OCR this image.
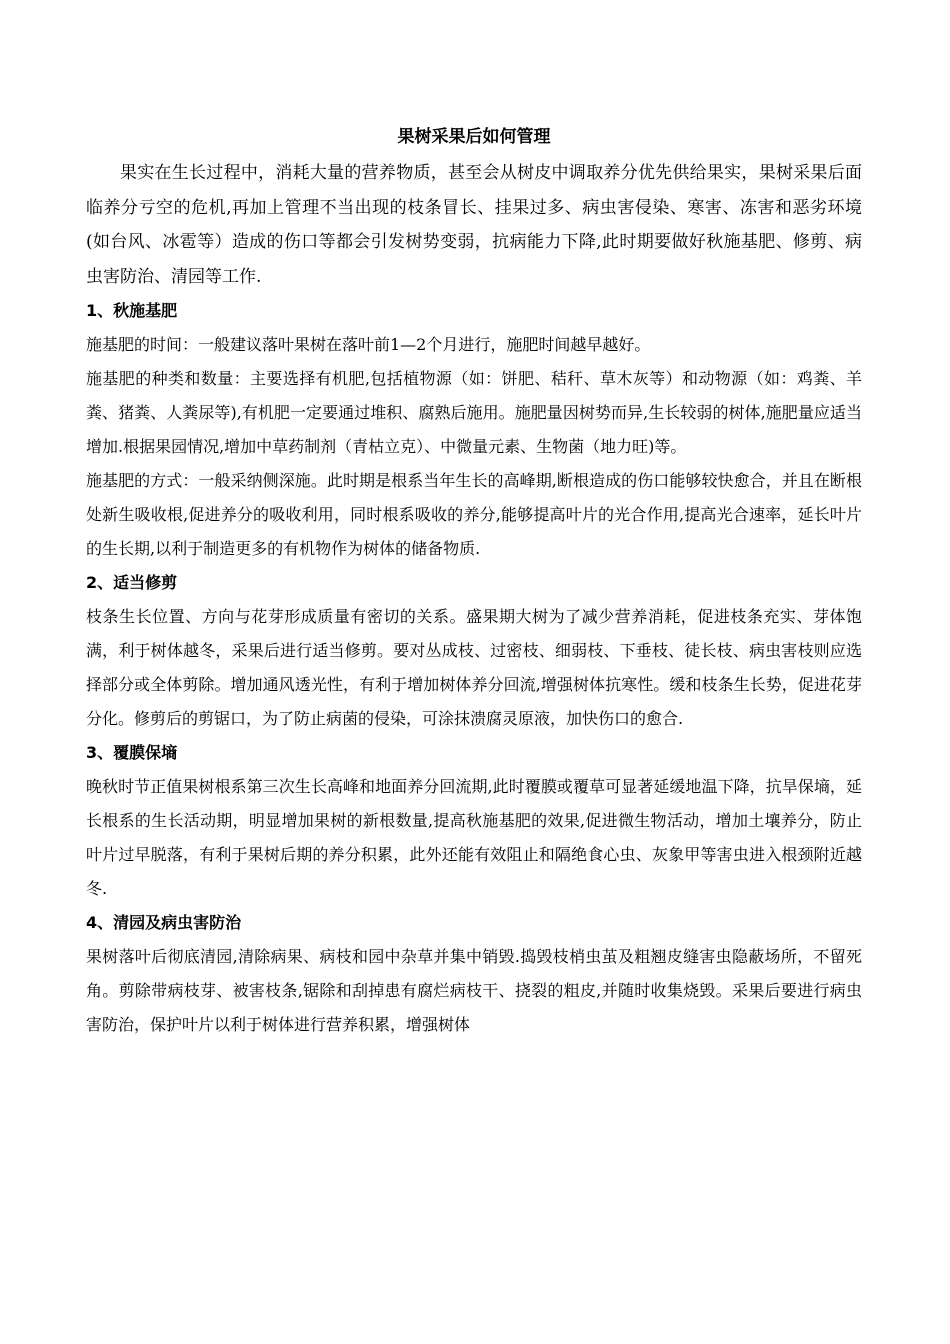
果树采果后如何管理

果实在生长过程中，消耗大量的营养物质，甚至会从树皮中调取养分优先供给果实，果树采果后面临养分亏空的危机,再加上管理不当出现的枝条冒长、挂果过多、病虫害侵染、寒害、冻害和恶劣环境(如台风、冰雹等）造成的伤口等都会引发树势变弱，抗病能力下降,此时期要做好秋施基肥、修剪、病虫害防治、清园等工作.

1、秋施基肥

施基肥的时间：一般建议落叶果树在落叶前1—2个月进行，施肥时间越早越好。

施基肥的种类和数量：主要选择有机肥,包括植物源（如：饼肥、秸秆、草木灰等）和动物源（如：鸡粪、羊粪、猪粪、人粪尿等),有机肥一定要通过堆积、腐熟后施用。施肥量因树势而异,生长较弱的树体,施肥量应适当增加.根据果园情况,增加中草药制剂（青枯立克）、中微量元素、生物菌（地力旺)等。

施基肥的方式：一般采纳侧深施。此时期是根系当年生长的高峰期,断根造成的伤口能够较快愈合，并且在断根处新生吸收根,促进养分的吸收利用，同时根系吸收的养分,能够提高叶片的光合作用,提高光合速率，延长叶片的生长期,以利于制造更多的有机物作为树体的储备物质.

2、适当修剪

枝条生长位置、方向与花芽形成质量有密切的关系。盛果期大树为了减少营养消耗，促进枝条充实、芽体饱满，利于树体越冬，采果后进行适当修剪。要对丛成枝、过密枝、细弱枝、下垂枝、徒长枝、病虫害枝则应选择部分或全体剪除。增加通风透光性，有利于增加树体养分回流,增强树体抗寒性。缓和枝条生长势，促进花芽分化。修剪后的剪锯口，为了防止病菌的侵染，可涂抹溃腐灵原液，加快伤口的愈合.

3、覆膜保墒

晚秋时节正值果树根系第三次生长高峰和地面养分回流期,此时覆膜或覆草可显著延缓地温下降，抗旱保墒，延长根系的生长活动期，明显增加果树的新根数量,提高秋施基肥的效果,促进微生物活动，增加土壤养分，防止叶片过早脱落，有利于果树后期的养分积累，此外还能有效阻止和隔绝食心虫、灰象甲等害虫进入根颈附近越冬.

4、清园及病虫害防治

果树落叶后彻底清园,清除病果、病枝和园中杂草并集中销毁.捣毁枝梢虫茧及粗翘皮缝害虫隐蔽场所，不留死角。剪除带病枝芽、被害枝条,锯除和刮掉患有腐烂病枝干、挠裂的粗皮,并随时收集烧毁。采果后要进行病虫害防治，保护叶片以利于树体进行营养积累，增强树体
